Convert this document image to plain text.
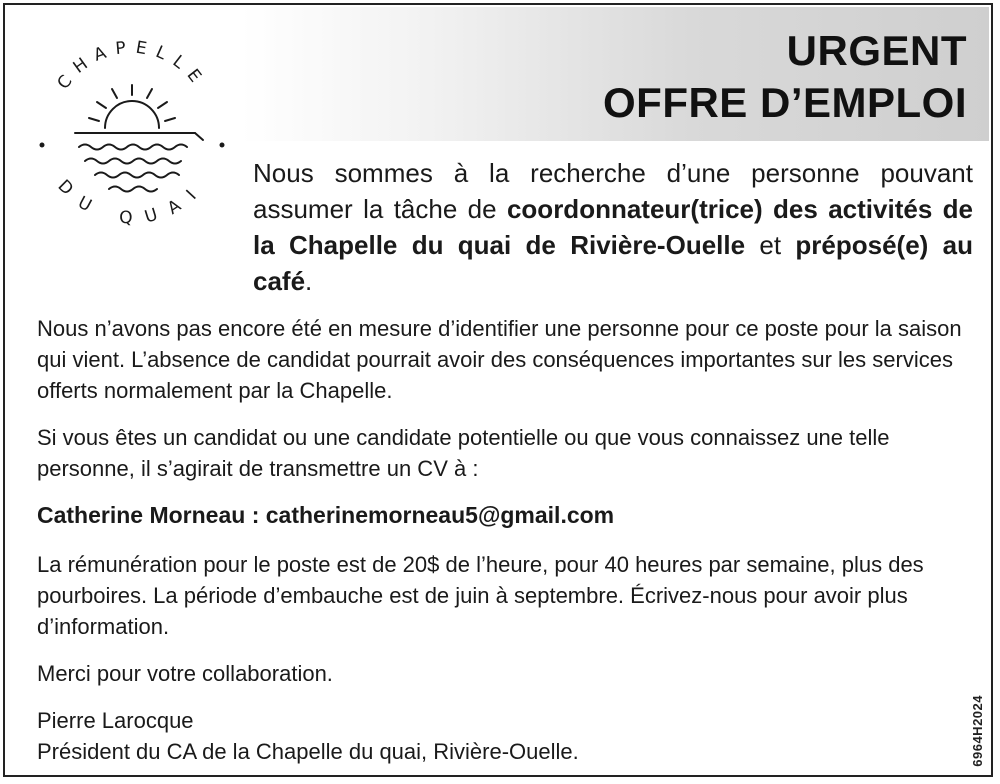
URGENT
OFFRE D’EMPLOI
CHAPELLE
DU QUAI
Nous sommes à la recherche d’une personne pouvant assumer la tâche de coordonnateur(trice) des activités de la Chapelle du quai de Rivière-Ouelle et préposé(e) au café.

Nous n’avons pas encore été en mesure d’identifier une personne pour ce poste pour la saison qui vient. L’absence de candidat pourrait avoir des conséquences importantes sur les services offerts normalement par la Chapelle.

Si vous êtes un candidat ou une candidate potentielle ou que vous connaissez une telle personne, il s’agirait de transmettre un CV à :

Catherine Morneau : catherinemorneau5@gmail.com

La rémunération pour le poste est de 20$ de l’heure, pour 40 heures par semaine, plus des pourboires. La période d’embauche est de juin à septembre. Écrivez-nous pour avoir plus d’information.

Merci pour votre collaboration.

Pierre Larocque

Président du CA de la Chapelle du quai, Rivière-Ouelle.	6964H2024
